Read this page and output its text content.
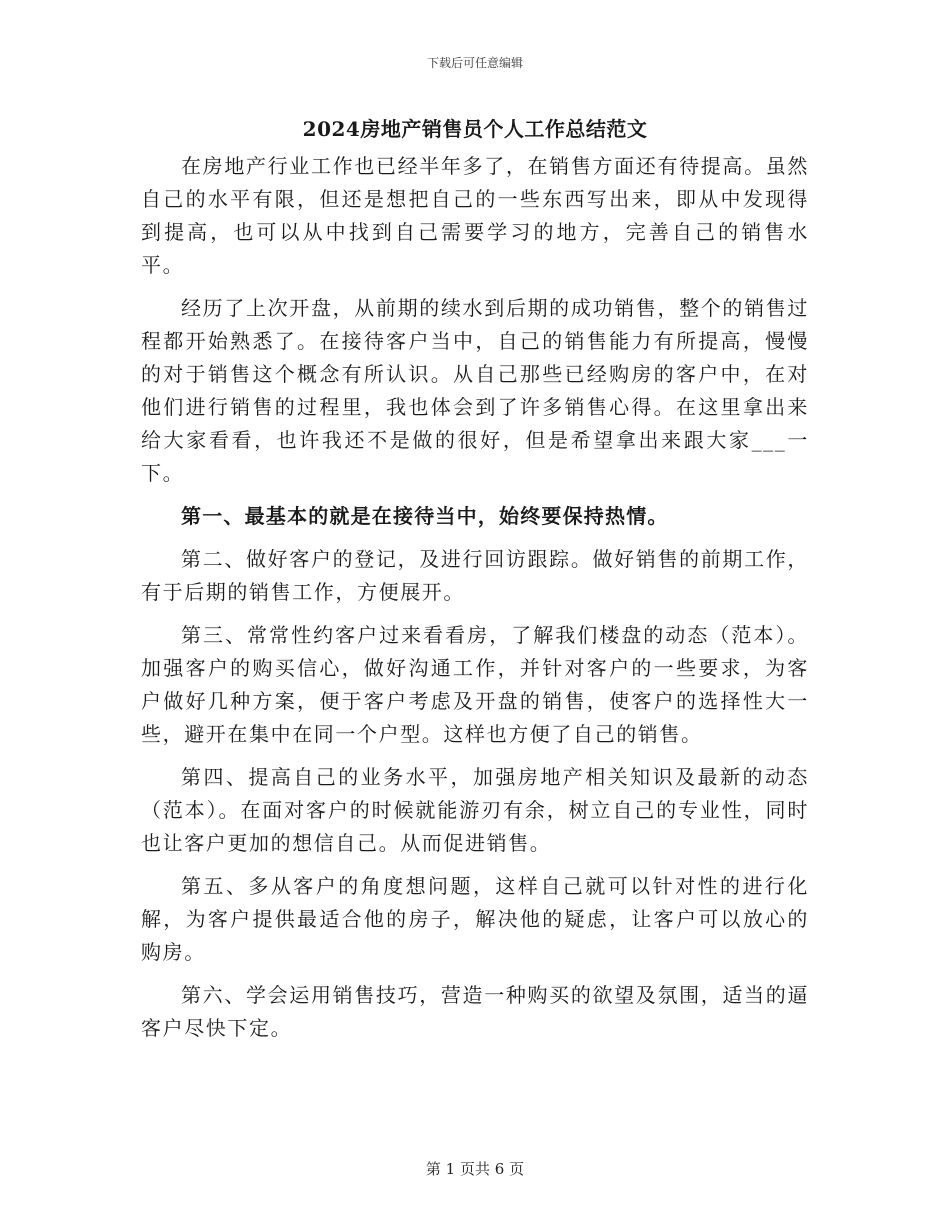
下载后可任意编辑
2024房地产销售员个人工作总结范文

在房地产行业工作也已经半年多了，在销售方面还有待提高。虽然自己的水平有限，但还是想把自己的一些东西写出来，即从中发现得到提高，也可以从中找到自己需要学习的地方，完善自己的销售水平。

经历了上次开盘，从前期的续水到后期的成功销售，整个的销售过程都开始熟悉了。在接待客户当中，自己的销售能力有所提高，慢慢的对于销售这个概念有所认识。从自己那些已经购房的客户中，在对他们进行销售的过程里，我也体会到了许多销售心得。在这里拿出来给大家看看，也许我还不是做的很好，但是希望拿出来跟大家___一下。

第一、最基本的就是在接待当中，始终要保持热情。

第二、做好客户的登记，及进行回访跟踪。做好销售的前期工作，有于后期的销售工作，方便展开。

第三、常常性约客户过来看看房，了解我们楼盘的动态（范本）。加强客户的购买信心，做好沟通工作，并针对客户的一些要求，为客户做好几种方案，便于客户考虑及开盘的销售，使客户的选择性大一些，避开在集中在同一个户型。这样也方便了自己的销售。

第四、提高自己的业务水平，加强房地产相关知识及最新的动态（范本）。在面对客户的时候就能游刃有余，树立自己的专业性，同时也让客户更加的想信自己。从而促进销售。

第五、多从客户的角度想问题，这样自己就可以针对性的进行化解，为客户提供最适合他的房子，解决他的疑虑，让客户可以放心的购房。

第六、学会运用销售技巧，营造一种购买的欲望及氛围，适当的逼客户尽快下定。

第 1 页共 6 页
